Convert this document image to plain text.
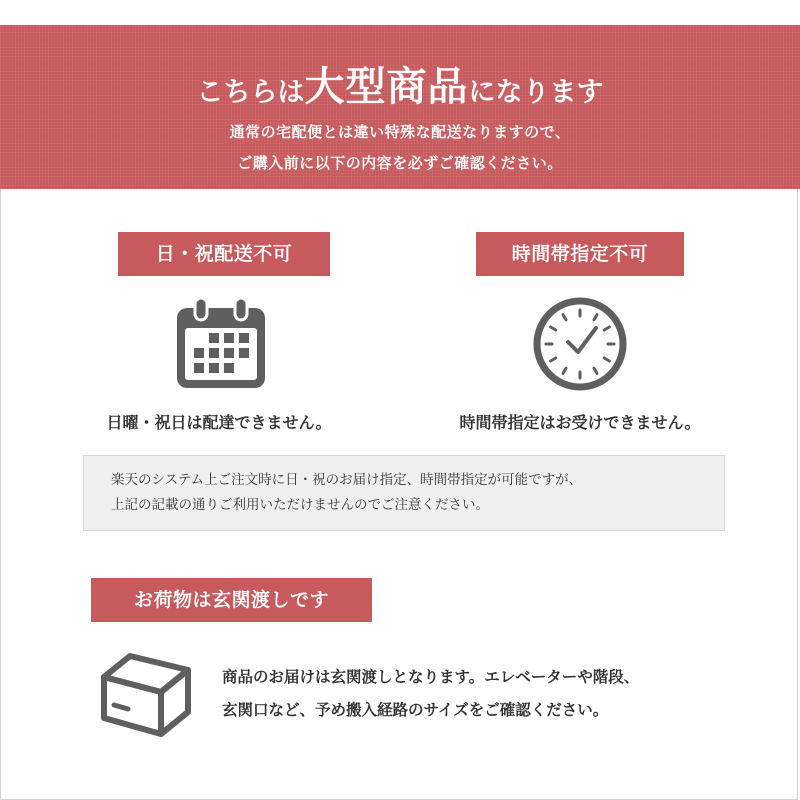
こちらは 大型商品 になります
通常の宅配便とは違い特殊な配送なりますので、
ご購入前に以下の内容を必ずご確認ください。
日・祝配送不可
日曜・祝日は配達できません。
時間帯指定不可
時間帯指定はお受けできません。
楽天のシステム上ご注文時に日・祝のお届け指定、時間帯指定が可能ですが、
上記の記載の通りご利用いただけませんのでご注意ください。
お荷物は玄関渡しです
商品のお届けは玄関渡しとなります。エレベーターや階段、
玄関口など、予め搬入経路のサイズをご確認ください。
